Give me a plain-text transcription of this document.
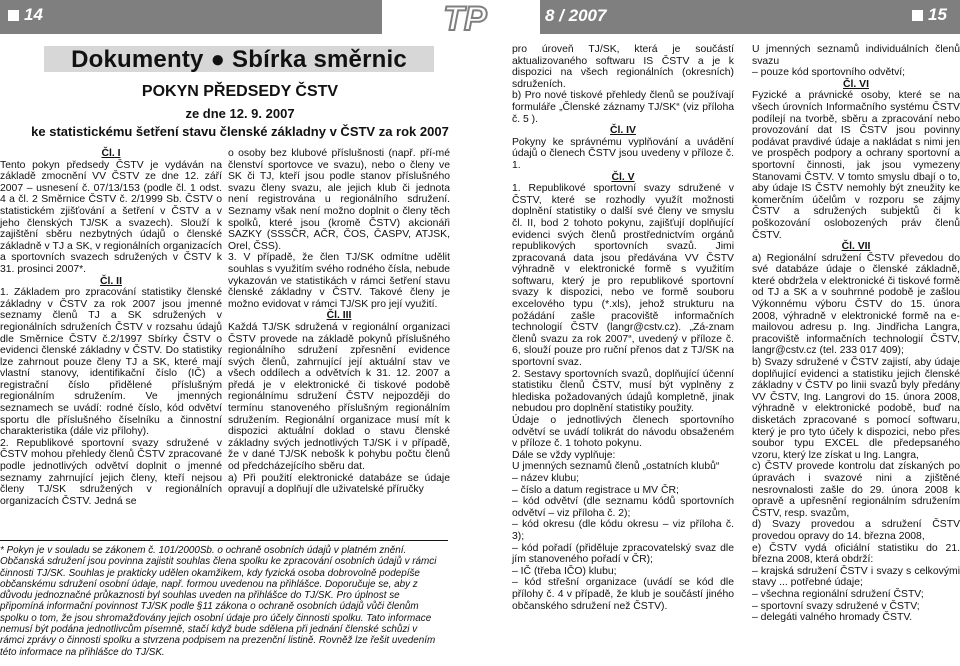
14	TP	8 / 2007	15
Dokumenty ● Sbírka směrnic
POKYN PŘEDSEDY ČSTV
ze dne 12. 9. 2007
ke statistickému šetření stavu členské základny v ČSTV za rok 2007
Čl. I

Tento pokyn předsedy ČSTV je vydáván na základě zmocnění VV ČSTV ze dne 12. září 2007 – usnesení č. 07/13/153 (podle čl. 1 odst. 4 a čl. 2 Směrnice ČSTV č. 2/1999 Sb. ČSTV o statistickém zjišťování a šetření v ČSTV a v jeho členských TJ/SK a svazech). Slouží k zajištění sběru nezbytných údajů o členské základně v TJ a SK, v regionálních organizacích a sportovních svazech sdružených v ČSTV k 31. prosinci 2007*.

Čl. II

1. Základem pro zpracování statistiky členské základny v ČSTV za rok 2007 jsou jmenné seznamy členů TJ a SK sdružených v regionálních sdruženích ČSTV v rozsahu údajů dle Směrnice ČSTV č.2/1997 Sbírky ČSTV o evidenci členské základny v ČSTV. Do statistiky lze zahrnout pouze členy TJ a SK, které mají vlastní stanovy, identifikační číslo (IČ) a registrační číslo přidělené příslušným regionálním sdružením. Ve jmenných seznamech se uvádí: rodné číslo, kód odvětví sportu dle příslušného číselníku a činnostní charakteristika (dále viz přílohy).

2. Republikové sportovní svazy sdružené v ČSTV mohou přehledy členů ČSTV zpracované podle jednotlivých odvětví doplnit o jmenné seznamy zahrnující jejich členy, kteří nejsou členy TJ/SK sdružených v regionálních organizacích ČSTV. Jedná se

o osoby bez klubové příslušnosti (např. pří-mé členství sportovce ve svazu), nebo o členy ve SK či TJ, kteří jsou podle stanov příslušného svazu členy svazu, ale jejich klub či jednota není registrována u regionálního sdružení. Seznamy však není možno doplnit o členy těch spolků, které jsou (kromě ČSTV) akcionáři SAZKY (SSSČR, AČR, ČOS, ČASPV, ATJSK, Orel, ČSS).

3. V případě, že člen TJ/SK odmítne udělit souhlas s využitím svého rodného čísla, nebude vykazován ve statistikách v rámci šetření stavu členské základny v ČSTV. Takové členy je možno evidovat v rámci TJ/SK pro její využití.

Čl. III

Každá TJ/SK sdružená v regionální organizaci ČSTV provede na základě pokynů příslušného regionálního sdružení zpřesnění evidence svých členů, zahrnující její aktuální stav ve všech oddílech a odvětvích k 31. 12. 2007 a předá je v elektronické či tiskové podobě regionálnímu sdružení ČSTV nejpozději do termínu stanoveného příslušným regionálním sdružením. Regionální organizace musí mít k dispozici aktuální doklad o stavu členské základny svých jednotlivých TJ/SK i v případě, že v dané TJ/SK nebošk k pohybu počtu členů od předcházejícího sběru dat.

a) Při použití elektronické databáze se údaje opravují a doplňují dle uživatelské příručky

pro úroveň TJ/SK, která je součástí aktualizovaného softwaru IS ČSTV a je k dispozici na všech regionálních (okresních) sdruženích.

b) Pro nové tiskové přehledy členů se používají formuláře „Členské záznamy TJ/SK“ (viz příloha č. 5 ).

Čl. IV

Pokyny ke správnému vyplňování a uvádění údajů o členech ČSTV jsou uvedeny v příloze č. 1.

Čl. V

1. Republikové sportovní svazy sdružené v ČSTV, které se rozhodly využít možnosti doplnění statistiky o další své členy ve smyslu čl. II, bod 2 tohoto pokynu, zajišťují doplňující evidenci svých členů prostřednictvím orgánů republikových sportovních svazů. Jimi zpracovaná data jsou předávána VV ČSTV výhradně v elektronické formě s využitím softwaru, který je pro republikové sportovní svazy k dispozici, nebo ve formě souboru excelového typu (*.xls), jehož strukturu na požádání zašle pracoviště informačních technologií ČSTV (langr@cstv.cz). „Zá-znam členů svazu za rok 2007“, uvedený v příloze č. 6, slouží pouze pro ruční přenos dat z TJ/SK na sportovní svaz.

2. Sestavy sportovních svazů, doplňující účenní statistiku členů ČSTV, musí být vyplněny z hlediska požadovaných údajů kompletně, jinak nebudou pro doplnění statistiky použity.

Údaje o jednotlivých členech sportovního odvětví se uvádí tolikrát do návodu obsaženém v příloze č. 1 tohoto pokynu.

Dále se vždy vyplňuje:

U jmenných seznamů členů „ostatních klubů“

– název klubu;

– číslo a datum registrace u MV ČR;

– kód odvětví (dle seznamu kódů sportovních odvětví – viz příloha č. 2);

– kód okresu (dle kódu okresu – viz příloha č. 3);

– kód pořadí (přiděluje zpracovatelský svaz dle jím stanoveného pořadí v ČR);

– IČ (třeba IČO) klubu;

– kód střešní organizace (uvádí se kód dle přílohy č. 4 v případě, že klub je součástí jiného občanského sdružení než ČSTV).

U jmenných seznamů individuálních členů svazu

– pouze kód sportovního odvětví;

Čl. VI

Fyzické a právnické osoby, které se na všech úrovních Informačního systému ČSTV podílejí na tvorbě, sběru a zpracování nebo provozování dat IS ČSTV jsou povinny podávat pravdivé údaje a nakládat s nimi jen ve prospěch podpory a ochrany sportovní a sportovní činnosti, jak jsou vymezeny Stanovami ČSTV. V tomto smyslu dbají o to, aby údaje IS ČSTV nemohly být zneužity ke komerčním účelům v rozporu se zájmy ČSTV a sdružených subjektů či k poškozování oslobozených práv členů ČSTV.

Čl. VII

a) Regionální sdružení ČSTV převedou do své databáze údaje o členské základně, které obdržela v elektronické či tiskové formě od TJ a SK a v souhrnné podobě je zašlou Výkonnému výboru ČSTV do 15. února 2008, výhradně v elektronické formě na e-mailovou adresu p. Ing. Jindřicha Langra, pracoviště informačních technologií ČSTV, langr@cstv.cz (tel. 233 017 409);

b) Svazy sdružené v ČSTV zajistí, aby údaje doplňující evidenci a statistiku jejich členské základny v ČSTV po linii svazů byly předány VV ČSTV, Ing. Langrovi do 15. února 2008, výhradně v elektronické podobě, buď na disketách zpracované s pomocí softwaru, který je pro tyto účely k dispozici, nebo přes soubor typu EXCEL dle předepsaného vzoru, který lze získat u Ing. Langra,

c) ČSTV provede kontrolu dat získaných po úpravách i svazové nini a zjištěné nesrovnalosti zašle do 29. února 2008 k opravě a upřesnění regionálním sdružením ČSTV, resp. svazům,

d) Svazy provedou a sdružení ČSTV provedou opravy do 14. března 2008,

e) ČSTV vydá oficiální statistiku do 21. března 2008, která obdrží:

– krajská sdružení ČSTV i svazy s celkovými stavy ... potřebné údaje;

– všechna regionální sdružení ČSTV;

– sportovní svazy sdružené v ČSTV;

– delegáti valného hromady ČSTV.

* Pokyn je v souladu se zákonem č. 101/2000Sb. o ochraně osobních údajů v platném znění. Občanská sdružení jsou povinna zajistit souhlas člena spolku ke zpracování osobních údajů v rámci činnosti TJ/SK. Souhlas je prakticky udělen okamžikem, kdy fyzická osoba dobrovolně podepíše občanskému sdružení osobní údaje, např. formou uvedenou na přihlášce. Doporučuje se, aby z důvodu jednoznačné průkaznosti byl souhlas uveden na přihlášce do TJ/SK. Pro úplnost se připomíná informační povinnost TJ/SK podle §11 zákona o ochraně osobních údajů vůči členům spolku o tom, že jsou shromažďovány jejich osobní údaje pro účely činnosti spolku. Tato informace nemusí být podána jednotlivcům písemně, stačí když bude sdělena při jednání členské schůzi v rámci zprávy o činnosti spolku a stvrzena podpisem na prezenční listině. Rovněž lze řešit uvedením této informace na přihlášce do TJ/SK.
